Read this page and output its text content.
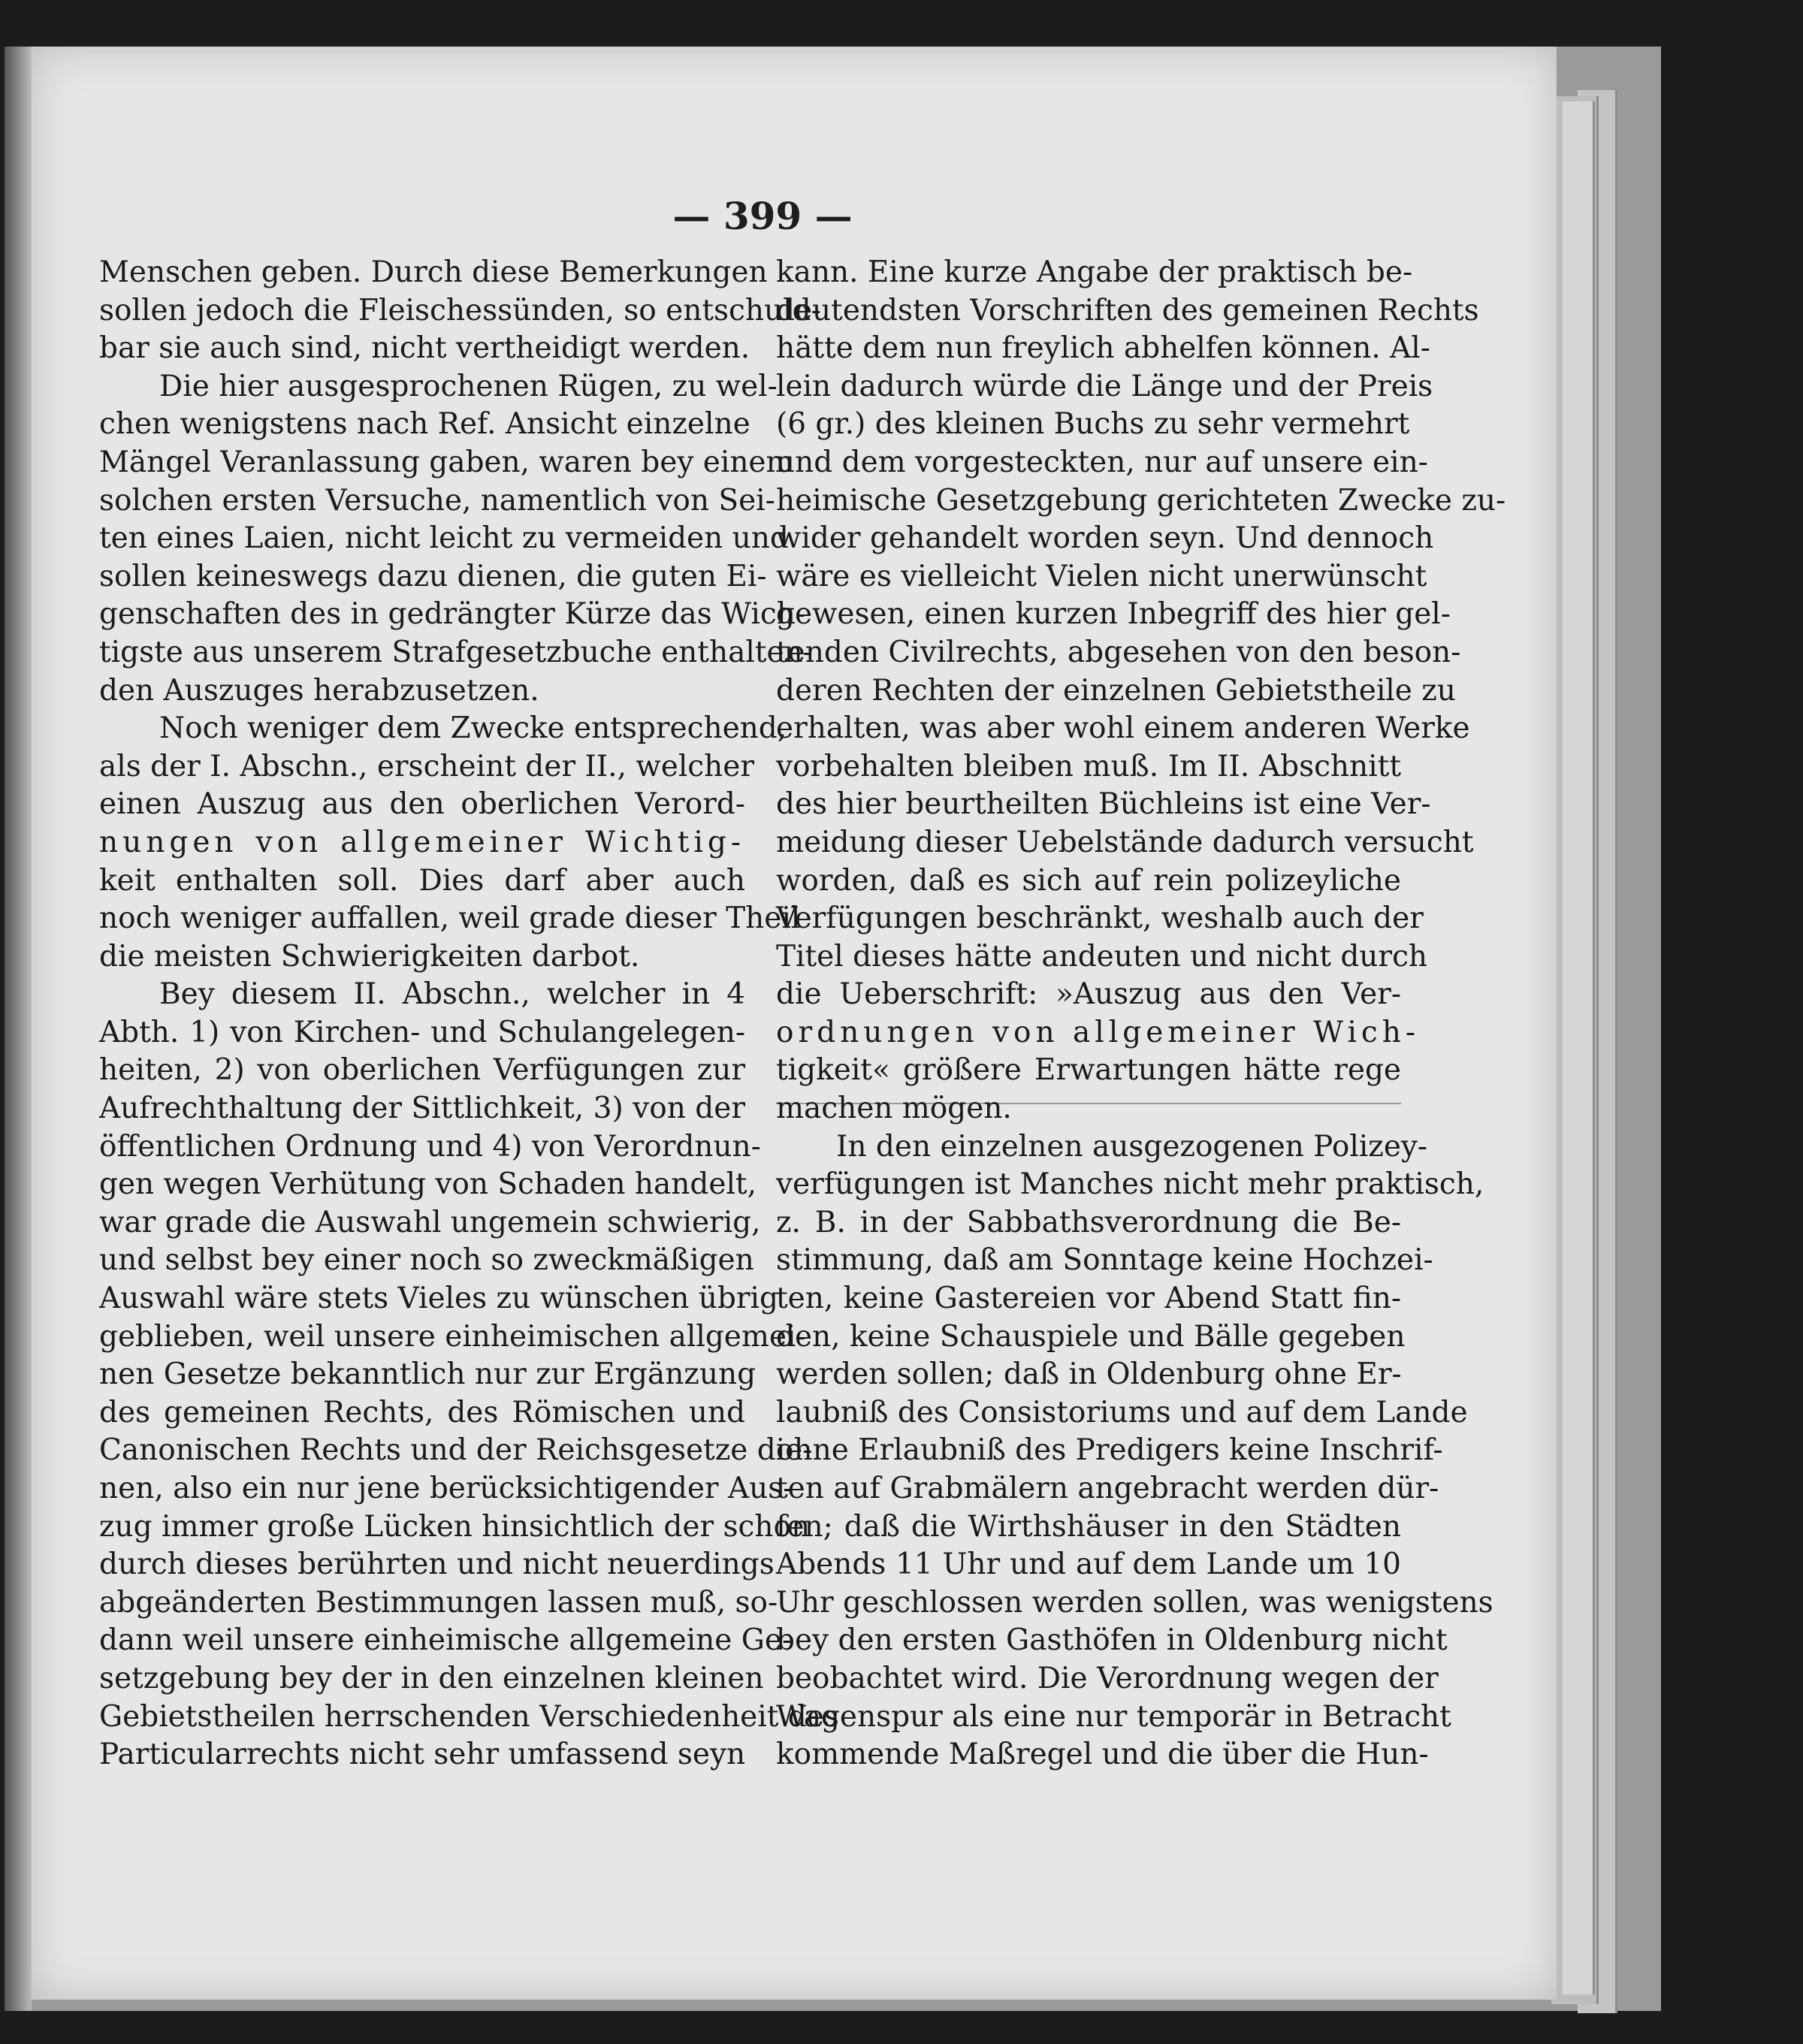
— 399 —
Menschen geben. Durch diese Bemerkungen
sollen jedoch die Fleischessünden, so entschuld-
bar sie auch sind, nicht vertheidigt werden.
Die hier ausgesprochenen Rügen, zu wel-
chen wenigstens nach Ref. Ansicht einzelne
Mängel Veranlassung gaben, waren bey einem
solchen ersten Versuche, namentlich von Sei-
ten eines Laien, nicht leicht zu vermeiden und
sollen keineswegs dazu dienen, die guten Ei-
genschaften des in gedrängter Kürze das Wich-
tigste aus unserem Strafgesetzbuche enthalten-
den Auszuges herabzusetzen.
Noch weniger dem Zwecke entsprechend,
als der I. Abschn., erscheint der II., welcher
einen Auszug aus den oberlichen Verord-
nungen von allgemeiner Wichtig-
keit enthalten soll. Dies darf aber auch
noch weniger auffallen, weil grade dieser Theil
die meisten Schwierigkeiten darbot.
Bey diesem II. Abschn., welcher in 4
Abth. 1) von Kirchen- und Schulangelegen-
heiten, 2) von oberlichen Verfügungen zur
Aufrechthaltung der Sittlichkeit, 3) von der
öffentlichen Ordnung und 4) von Verordnun-
gen wegen Verhütung von Schaden handelt,
war grade die Auswahl ungemein schwierig,
und selbst bey einer noch so zweckmäßigen
Auswahl wäre stets Vieles zu wünschen übrig
geblieben, weil unsere einheimischen allgemei-
nen Gesetze bekanntlich nur zur Ergänzung
des gemeinen Rechts, des Römischen und
Canonischen Rechts und der Reichsgesetze die-
nen, also ein nur jene berücksichtigender Aus-
zug immer große Lücken hinsichtlich der schon
durch dieses berührten und nicht neuerdings
abgeänderten Bestimmungen lassen muß, so-
dann weil unsere einheimische allgemeine Ge-
setzgebung bey der in den einzelnen kleinen
Gebietstheilen herrschenden Verschiedenheit des
Particularrechts nicht sehr umfassend seyn
kann. Eine kurze Angabe der praktisch be-
deutendsten Vorschriften des gemeinen Rechts
hätte dem nun freylich abhelfen können. Al-
lein dadurch würde die Länge und der Preis
(6 gr.) des kleinen Buchs zu sehr vermehrt
und dem vorgesteckten, nur auf unsere ein-
heimische Gesetzgebung gerichteten Zwecke zu-
wider gehandelt worden seyn. Und dennoch
wäre es vielleicht Vielen nicht unerwünscht
gewesen, einen kurzen Inbegriff des hier gel-
tenden Civilrechts, abgesehen von den beson-
deren Rechten der einzelnen Gebietstheile zu
erhalten, was aber wohl einem anderen Werke
vorbehalten bleiben muß. Im II. Abschnitt
des hier beurtheilten Büchleins ist eine Ver-
meidung dieser Uebelstände dadurch versucht
worden, daß es sich auf rein polizeyliche
Verfügungen beschränkt, weshalb auch der
Titel dieses hätte andeuten und nicht durch
die Ueberschrift: »Auszug aus den Ver-
ordnungen von allgemeiner Wich-
tigkeit« größere Erwartungen hätte rege
machen mögen.
In den einzelnen ausgezogenen Polizey-
verfügungen ist Manches nicht mehr praktisch,
z. B. in der Sabbathsverordnung die Be-
stimmung, daß am Sonntage keine Hochzei-
ten, keine Gastereien vor Abend Statt fin-
den, keine Schauspiele und Bälle gegeben
werden sollen; daß in Oldenburg ohne Er-
laubniß des Consistoriums und auf dem Lande
ohne Erlaubniß des Predigers keine Inschrif-
ten auf Grabmälern angebracht werden dür-
fen; daß die Wirthshäuser in den Städten
Abends 11 Uhr und auf dem Lande um 10
Uhr geschlossen werden sollen, was wenigstens
bey den ersten Gasthöfen in Oldenburg nicht
beobachtet wird. Die Verordnung wegen der
Wagenspur als eine nur temporär in Betracht
kommende Maßregel und die über die Hun-
